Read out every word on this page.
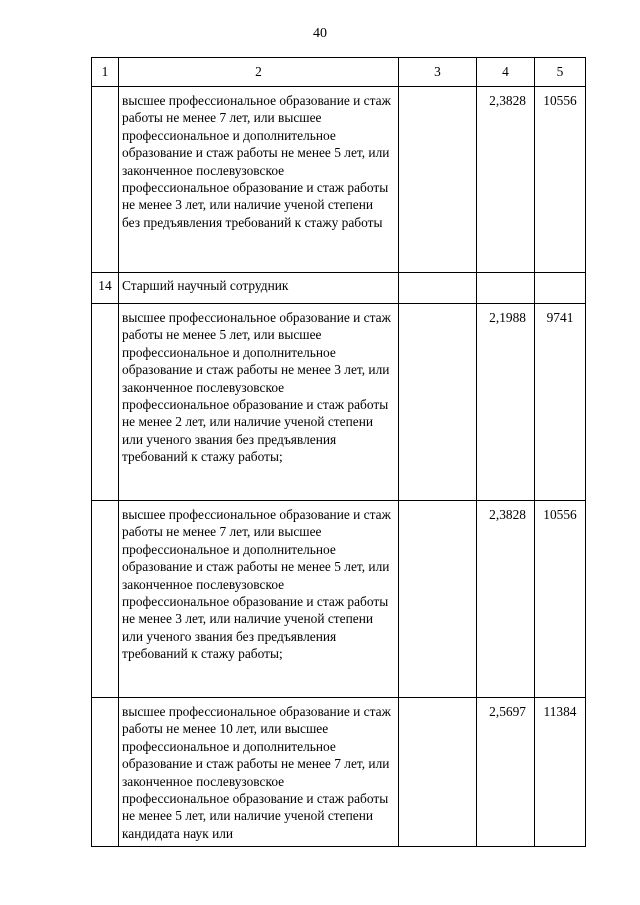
40
1	2	3	4	5
	высшее профессиональное образование и стаж работы не менее 7 лет, или высшее профессиональное и дополнительное образование и стаж работы не менее 5 лет, или законченное послевузовское профессиональное образование и стаж работы не менее 3 лет, или наличие ученой степени без предъявления требований к стажу работы		2,3828	10556
14	Старший научный сотрудник			
	высшее профессиональное образование и стаж работы не менее 5 лет, или высшее профессиональное и дополнительное образование и стаж работы не менее 3 лет, или законченное послевузовское профессиональное образование и стаж работы не менее 2 лет, или наличие ученой степени или ученого звания без предъявления требований к стажу работы;		2,1988	9741
	высшее профессиональное образование и стаж работы не менее 7 лет, или высшее профессиональное и дополнительное образование и стаж работы не менее 5 лет, или законченное послевузовское профессиональное образование и стаж работы не менее 3 лет, или наличие ученой степени или ученого звания без предъявления требований к стажу работы;		2,3828	10556
	высшее профессиональное образование и стаж работы не менее 10 лет, или высшее профессиональное и дополнительное образование и стаж работы не менее 7 лет, или законченное послевузовское профессиональное образование и стаж работы не менее 5 лет, или наличие ученой степени кандидата наук или		2,5697	11384
